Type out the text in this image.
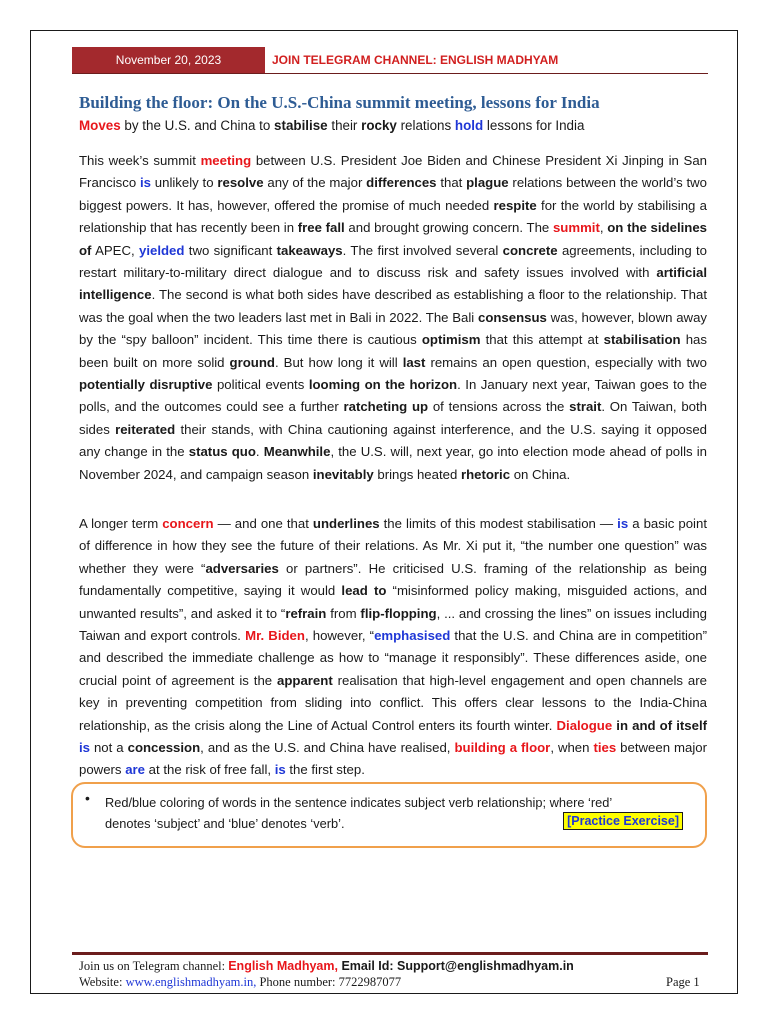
November 20, 2023	JOIN TELEGRAM CHANNEL: ENGLISH MADHYAM
Building the floor: On the U.S.-China summit meeting, lessons for India

Moves by the U.S. and China to stabilise their rocky relations hold lessons for India

This week’s summit meeting between U.S. President Joe Biden and Chinese President Xi Jinping in San Francisco is unlikely to resolve any of the major differences that plague relations between the world’s two biggest powers. It has, however, offered the promise of much needed respite for the world by stabilising a relationship that has recently been in free fall and brought growing concern. The summit, on the sidelines of APEC, yielded two significant takeaways. The first involved several concrete agreements, including to restart military-to-military direct dialogue and to discuss risk and safety issues involved with artificial intelligence. The second is what both sides have described as establishing a floor to the relationship. That was the goal when the two leaders last met in Bali in 2022. The Bali consensus was, however, blown away by the “spy balloon” incident. This time there is cautious optimism that this attempt at stabilisation has been built on more solid ground. But how long it will last remains an open question, especially with two potentially disruptive political events looming on the horizon. In January next year, Taiwan goes to the polls, and the outcomes could see a further ratcheting up of tensions across the strait. On Taiwan, both sides reiterated their stands, with China cautioning against interference, and the U.S. saying it opposed any change in the status quo. Meanwhile, the U.S. will, next year, go into election mode ahead of polls in November 2024, and campaign season inevitably brings heated rhetoric on China.

A longer term concern — and one that underlines the limits of this modest stabilisation — is a basic point of difference in how they see the future of their relations. As Mr. Xi put it, “the number one question” was whether they were “adversaries or partners”. He criticised U.S. framing of the relationship as being fundamentally competitive, saying it would lead to “misinformed policy making, misguided actions, and unwanted results”, and asked it to “refrain from flip-flopping, ... and crossing the lines” on issues including Taiwan and export controls. Mr. Biden, however, “emphasised that the U.S. and China are in competition” and described the immediate challenge as how to “manage it responsibly”. These differences aside, one crucial point of agreement is the apparent realisation that high-level engagement and open channels are key in preventing competition from sliding into conflict. This offers clear lessons to the India-China relationship, as the crisis along the Line of Actual Control enters its fourth winter. Dialogue in and of itself is not a concession, and as the U.S. and China have realised, building a floor, when ties between major powers are at the risk of free fall, is the first step.

• Red/blue coloring of words in the sentence indicates subject verb relationship; where ‘red’ denotes ‘subject’ and ‘blue’ denotes ‘verb’.	[Practice Exercise]

Join us on Telegram channel: English Madhyam, Email Id: Support@englishmadhyam.in

Website: www.englishmadhyam.in, Phone number: 7722987077	Page 1
